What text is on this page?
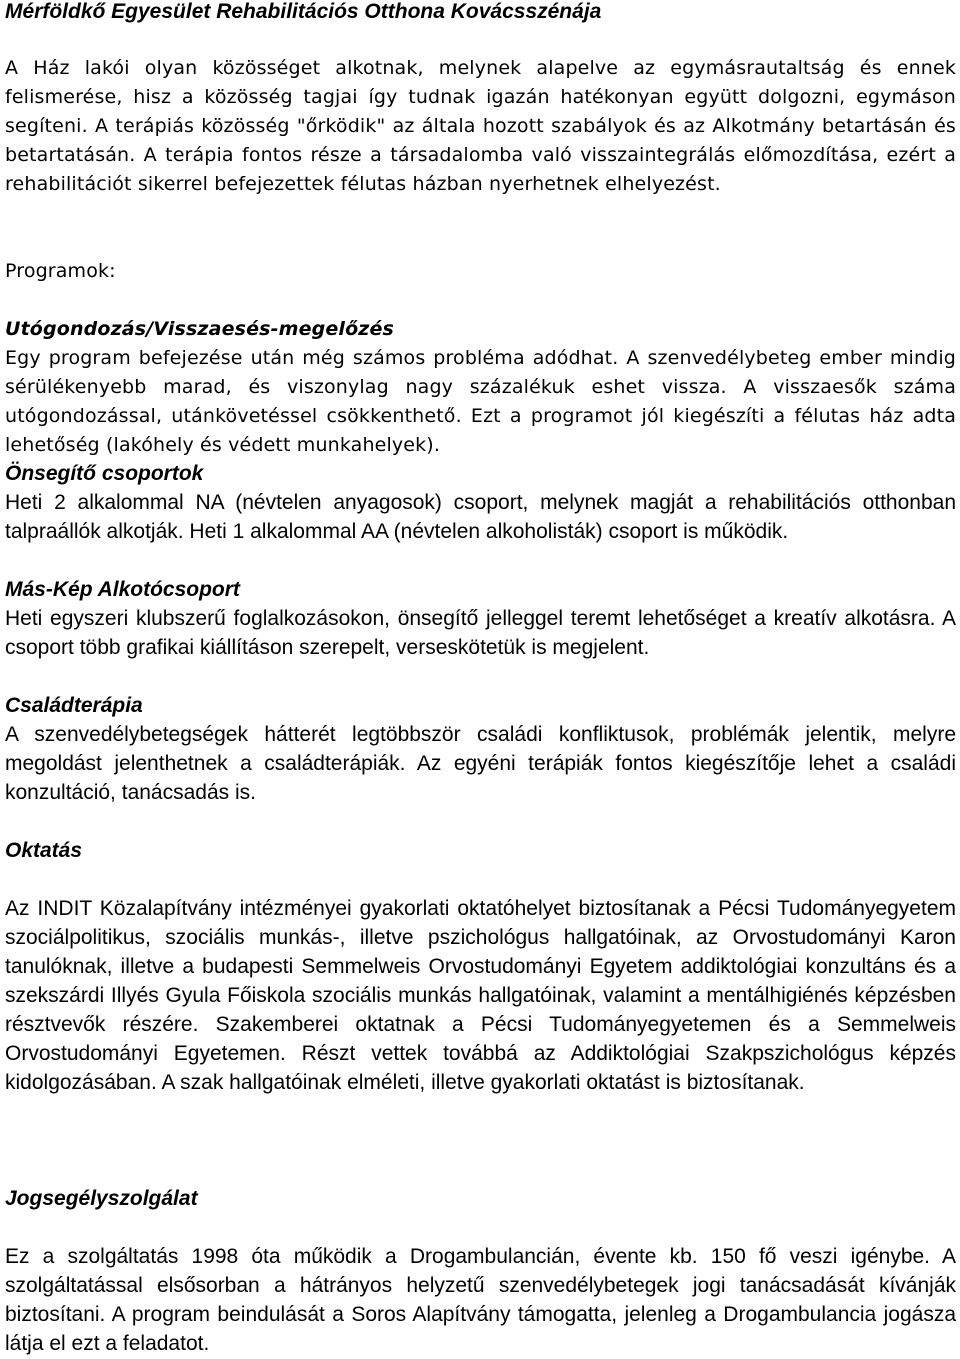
Mérföldkő Egyesület Rehabilitációs Otthona Kovácsszénája

A Ház lakói olyan közösséget alkotnak, melynek alapelve az egymásrautaltság és ennek felismerése, hisz a közösség tagjai így tudnak igazán hatékonyan együtt dolgozni, egymáson segíteni. A terápiás közösség "őrködik" az általa hozott szabályok és az Alkotmány betartásán és betartatásán. A terápia fontos része a társadalomba való visszaintegrálás előmozdítása, ezért a rehabilitációt sikerrel befejezettek félutas házban nyerhetnek elhelyezést.

Programok:

Utógondozás/Visszaesés-megelőzés

Egy program befejezése után még számos probléma adódhat. A szenvedélybeteg ember mindig sérülékenyebb marad, és viszonylag nagy százalékuk eshet vissza. A visszaesők száma utógondozással, utánkövetéssel csökkenthető. Ezt a programot jól kiegészíti a félutas ház adta lehetőség (lakóhely és védett munkahelyek).

Önsegítő csoportok

Heti 2 alkalommal NA (névtelen anyagosok) csoport, melynek magját a rehabilitációs otthonban talpraállók alkotják. Heti 1 alkalommal AA (névtelen alkoholisták) csoport is működik.

Más-Kép Alkotócsoport

Heti egyszeri klubszerű foglalkozásokon, önsegítő jelleggel teremt lehetőséget a kreatív alkotásra. A csoport több grafikai kiállításon szerepelt, verseskötetük is megjelent.

Családterápia

A szenvedélybetegségek hátterét legtöbbször családi konfliktusok, problémák jelentik, melyre megoldást jelenthetnek a családterápiák. Az egyéni terápiák fontos kiegészítője lehet a családi konzultáció, tanácsadás is.

Oktatás

Az INDIT Közalapítvány intézményei gyakorlati oktatóhelyet biztosítanak a Pécsi Tudományegyetem szociálpolitikus, szociális munkás-, illetve pszichológus hallgatóinak, az Orvostudományi Karon tanulóknak, illetve a budapesti Semmelweis Orvostudományi Egyetem addiktológiai konzultáns és a szekszárdi Illyés Gyula Főiskola szociális munkás hallgatóinak, valamint a mentálhigiénés képzésben résztvevők részére. Szakemberei oktatnak a Pécsi Tudományegyetemen és a Semmelweis Orvostudományi Egyetemen. Részt vettek továbbá az Addiktológiai Szakpszichológus képzés kidolgozásában. A szak hallgatóinak elméleti, illetve gyakorlati oktatást is biztosítanak.

Jogsegélyszolgálat

Ez a szolgáltatás 1998 óta működik a Drogambulancián, évente kb. 150 fő veszi igénybe. A szolgáltatással elsősorban a hátrányos helyzetű szenvedélybetegek jogi tanácsadását kívánják biztosítani. A program beindulását a Soros Alapítvány támogatta, jelenleg a Drogambulancia jogásza látja el ezt a feladatot.
